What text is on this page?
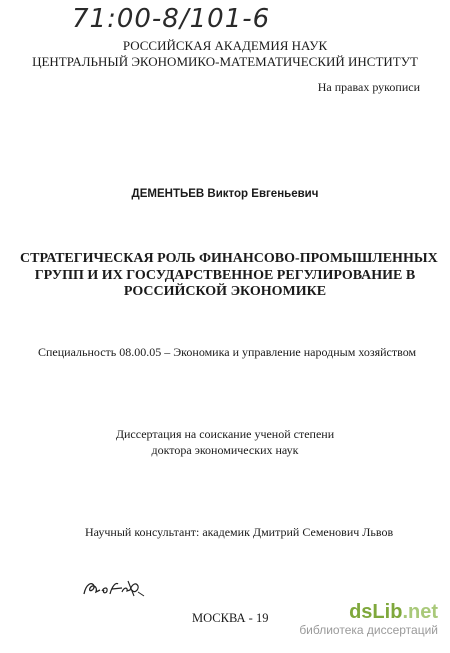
71:00-8/101-6
РОССИЙСКАЯ АКАДЕМИЯ НАУК
ЦЕНТРАЛЬНЫЙ ЭКОНОМИКО-МАТЕМАТИЧЕСКИЙ ИНСТИТУТ
На правах рукописи
ДЕМЕНТЬЕВ Виктор Евгеньевич
СТРАТЕГИЧЕСКАЯ РОЛЬ ФИНАНСОВО-ПРОМЫШЛЕННЫХ
ГРУПП И ИХ ГОСУДАРСТВЕННОЕ РЕГУЛИРОВАНИЕ В
РОССИЙСКОЙ ЭКОНОМИКЕ
Специальность 08.00.05 – Экономика и управление народным хозяйством
Диссертация на соискание ученой степени
доктора экономических наук
Научный консультант: академик Дмитрий Семенович Львов
МОСКВА - 19	dsLib.net
библиотека диссертаций
